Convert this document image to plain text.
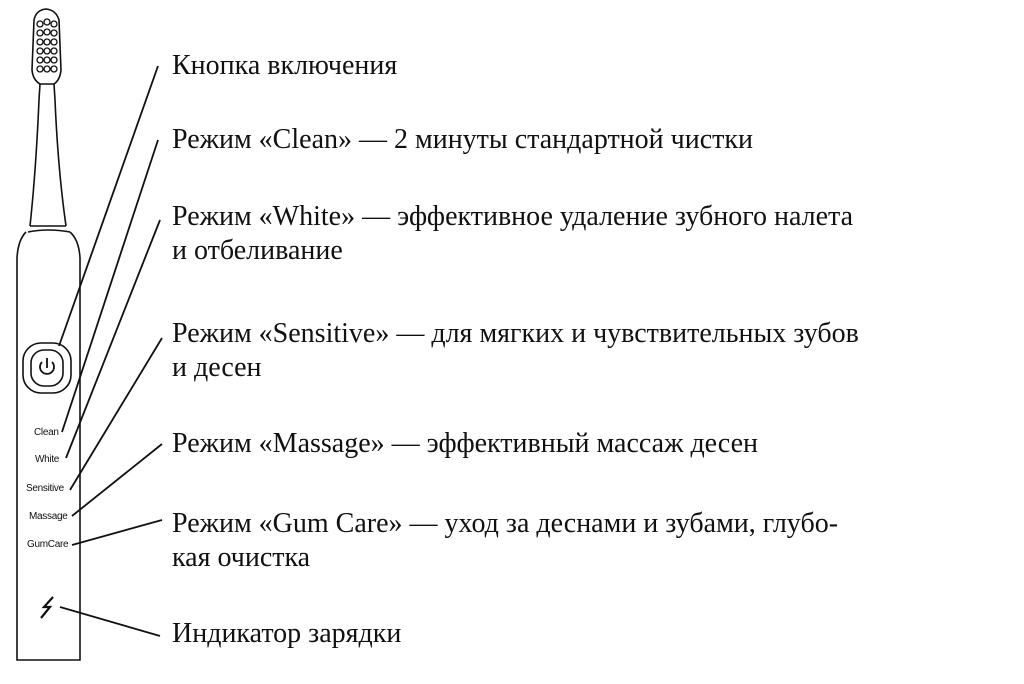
Clean
White
Sensitive
Massage
GumCare
Кнопка включения
Режим «Clean» — 2 минуты стандартной чистки
Режим «White» — эффективное удаление зубного налета
и отбеливание
Режим «Sensitive» — для мягких и чувствительных зубов
и десен
Режим «Massage» — эффективный массаж десен
Режим «Gum Care» — уход за деснами и зубами, глубо-
кая очистка
Индикатор зарядки
